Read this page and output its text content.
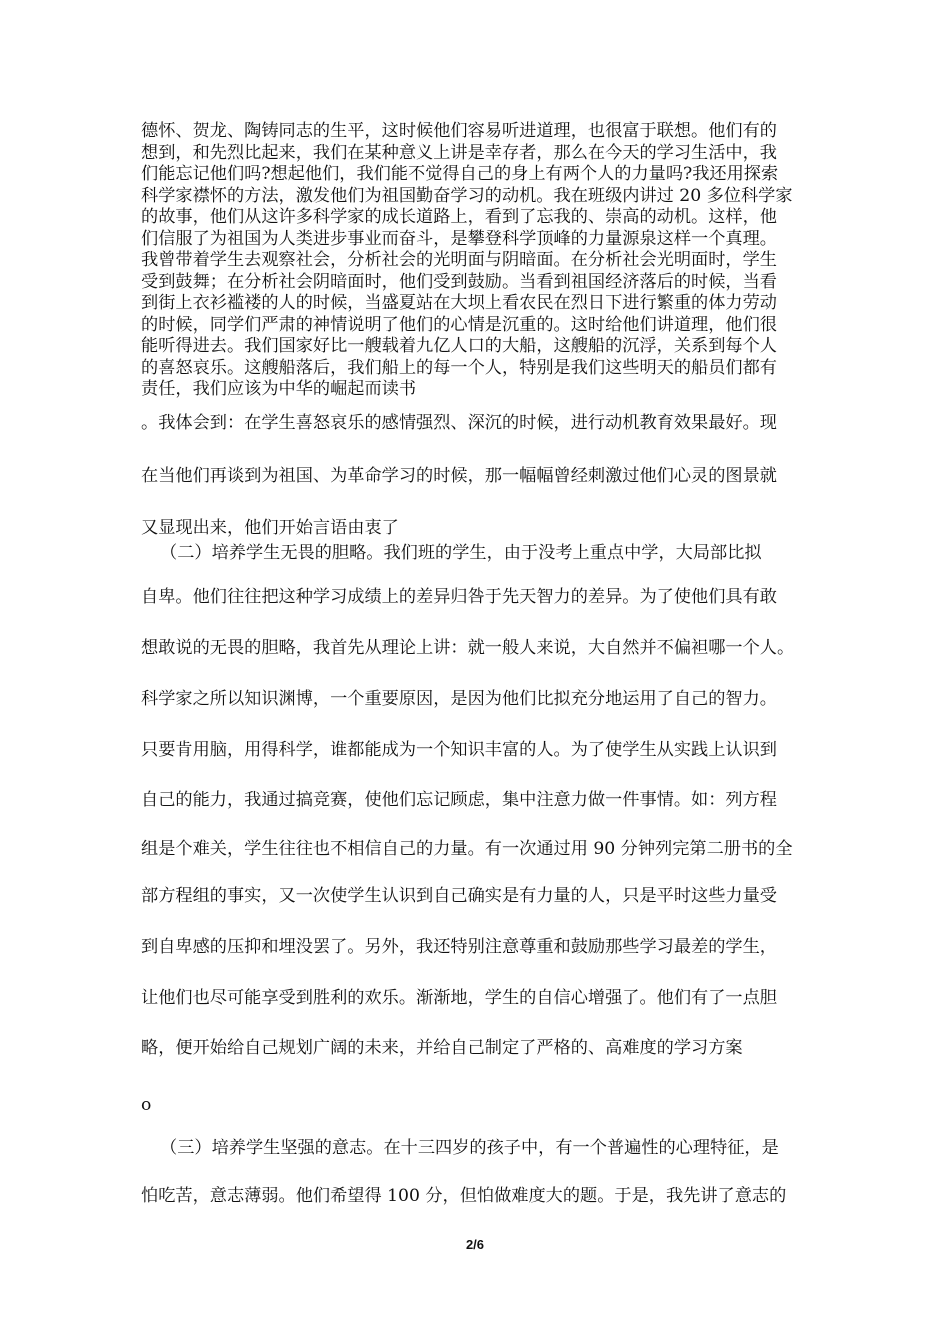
德怀、贺龙、陶铸同志的生平，这时候他们容易听进道理，也很富于联想。他们有的
想到，和先烈比起来，我们在某种意义上讲是幸存者，那么在今天的学习生活中，我
们能忘记他们吗?想起他们，我们能不觉得自己的身上有两个人的力量吗?我还用探索
科学家襟怀的方法，激发他们为祖国勤奋学习的动机。我在班级内讲过 20 多位科学家
的故事，他们从这许多科学家的成长道路上，看到了忘我的、崇高的动机。这样，他
们信服了为祖国为人类进步事业而奋斗，是攀登科学顶峰的力量源泉这样一个真理。
我曾带着学生去观察社会，分析社会的光明面与阴暗面。在分析社会光明面时，学生
受到鼓舞；在分析社会阴暗面时，他们受到鼓励。当看到祖国经济落后的时候，当看
到街上衣衫褴褛的人的时候，当盛夏站在大坝上看农民在烈日下进行繁重的体力劳动
的时候，同学们严肃的神情说明了他们的心情是沉重的。这时给他们讲道理，他们很
能听得进去。我们国家好比一艘载着九亿人口的大船，这艘船的沉浮，关系到每个人
的喜怒哀乐。这艘船落后，我们船上的每一个人，特别是我们这些明天的船员们都有
责任，我们应该为中华的崛起而读书
。我体会到：在学生喜怒哀乐的感情强烈、深沉的时候，进行动机教育效果最好。现
在当他们再谈到为祖国、为革命学习的时候，那一幅幅曾经刺激过他们心灵的图景就
又显现出来，他们开始言语由衷了
（二）培养学生无畏的胆略。我们班的学生，由于没考上重点中学，大局部比拟
自卑。他们往往把这种学习成绩上的差异归咎于先天智力的差异。为了使他们具有敢
想敢说的无畏的胆略，我首先从理论上讲：就一般人来说，大自然并不偏袒哪一个人。
科学家之所以知识渊博，一个重要原因，是因为他们比拟充分地运用了自己的智力。
只要肯用脑，用得科学，谁都能成为一个知识丰富的人。为了使学生从实践上认识到
自己的能力，我通过搞竞赛，使他们忘记顾虑，集中注意力做一件事情。如：列方程
组是个难关，学生往往也不相信自己的力量。有一次通过用 90 分钟列完第二册书的全
部方程组的事实，又一次使学生认识到自己确实是有力量的人，只是平时这些力量受
到自卑感的压抑和埋没罢了。另外，我还特别注意尊重和鼓励那些学习最差的学生，
让他们也尽可能享受到胜利的欢乐。渐渐地，学生的自信心增强了。他们有了一点胆
略，便开始给自己规划广阔的未来，并给自己制定了严格的、高难度的学习方案
o
（三）培养学生坚强的意志。在十三四岁的孩子中，有一个普遍性的心理特征，是
怕吃苦，意志薄弱。他们希望得 100 分，但怕做难度大的题。于是，我先讲了意志的
2/6
